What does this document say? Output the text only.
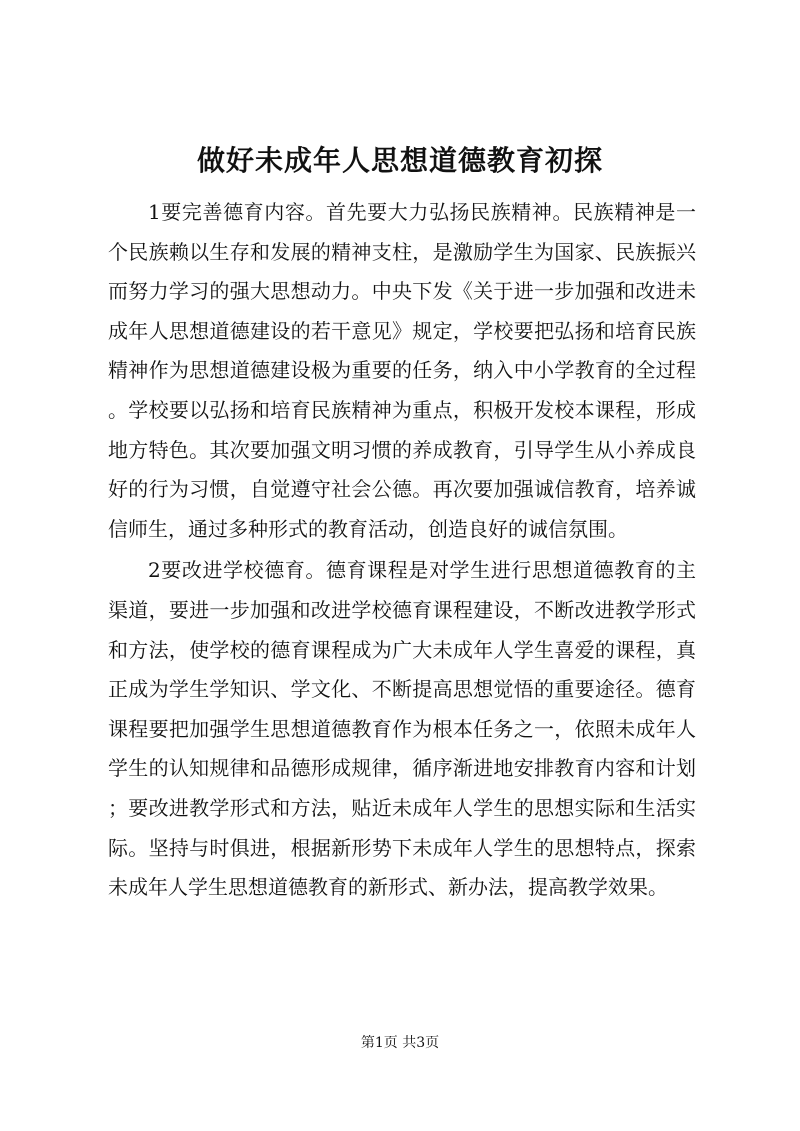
做好未成年人思想道德教育初探

1要完善德育内容。首先要大力弘扬民族精神。民族精神是一个民族赖以生存和发展的精神支柱，是激励学生为国家、民族振兴而努力学习的强大思想动力。中央下发《关于进一步加强和改进未成年人思想道德建设的若干意见》规定，学校要把弘扬和培育民族精神作为思想道德建设极为重要的任务，纳入中小学教育的全过程。学校要以弘扬和培育民族精神为重点，积极开发校本课程，形成地方特色。其次要加强文明习惯的养成教育，引导学生从小养成良好的行为习惯，自觉遵守社会公德。再次要加强诚信教育，培养诚信师生，通过多种形式的教育活动，创造良好的诚信氛围。

2要改进学校德育。德育课程是对学生进行思想道德教育的主渠道，要进一步加强和改进学校德育课程建设，不断改进教学形式和方法，使学校的德育课程成为广大未成年人学生喜爱的课程，真正成为学生学知识、学文化、不断提高思想觉悟的重要途径。德育课程要把加强学生思想道德教育作为根本任务之一，依照未成年人学生的认知规律和品德形成规律，循序渐进地安排教育内容和计划；要改进教学形式和方法，贴近未成年人学生的思想实际和生活实际。坚持与时俱进，根据新形势下未成年人学生的思想特点，探索未成年人学生思想道德教育的新形式、新办法，提高教学效果。

第1页 共3页
